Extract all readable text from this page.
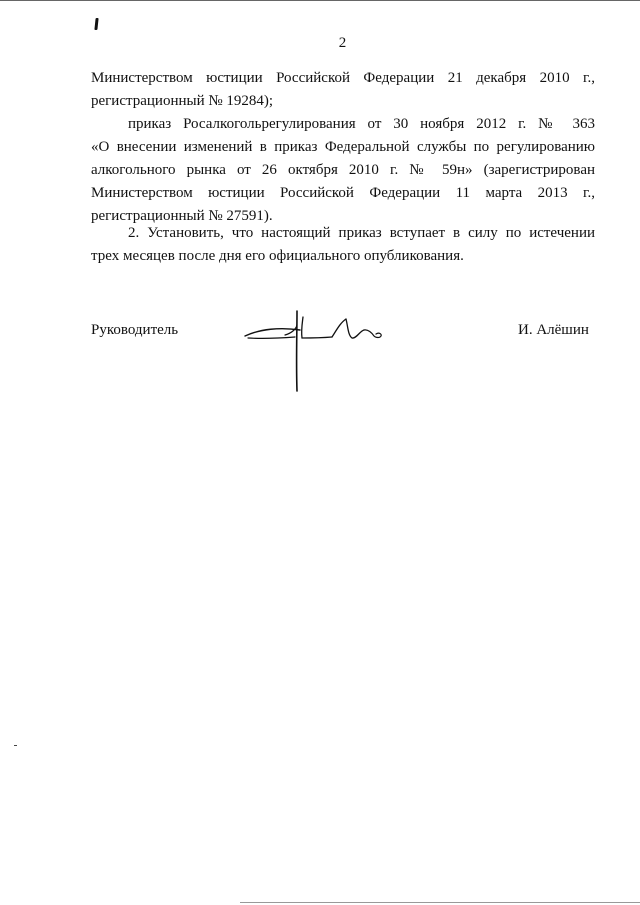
2
Министерством юстиции Российской Федерации 21 декабря 2010 г.,
регистрационный № 19284);
приказ Росалкогольрегулирования от 30 ноября 2012 г. № 363
«О внесении изменений в приказ Федеральной службы по регулированию
алкогольного рынка от 26 октября 2010 г. № 59н» (зарегистрирован
Министерством юстиции Российской Федерации 11 марта 2013 г.,
регистрационный № 27591).
2. Установить, что настоящий приказ вступает в силу по истечении
трех месяцев после дня его официального опубликования.
Руководитель	И. Алёшин
